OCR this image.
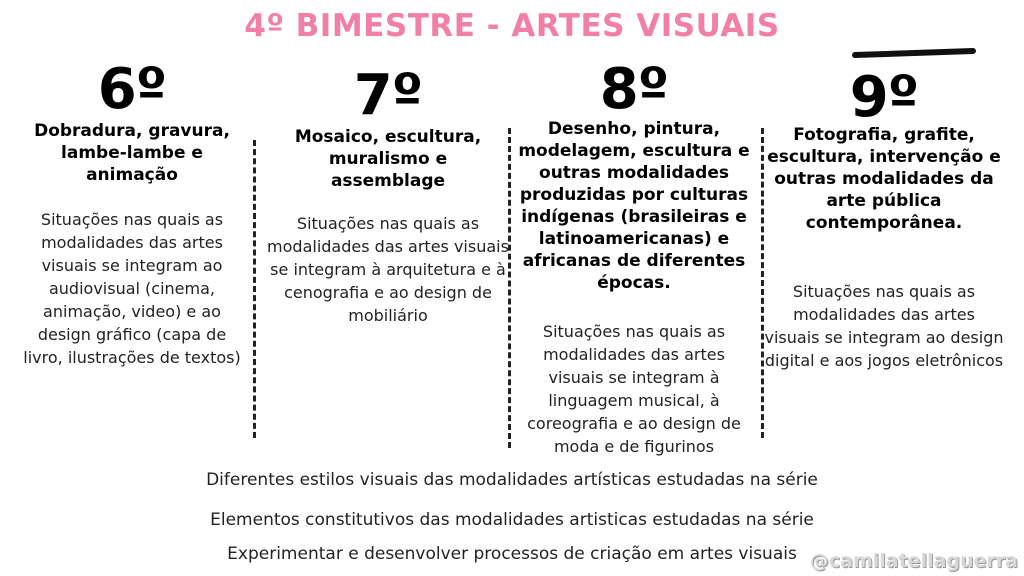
4º BIMESTRE - ARTES VISUAIS
6º
Dobradura, gravura, lambe-lambe e animação
Situações nas quais as modalidades das artes visuais se integram ao audiovisual (cinema, animação, video) e ao design gráfico (capa de livro, ilustrações de textos)
7º
Mosaico, escultura, muralismo e assemblage
Situações nas quais as modalidades das artes visuais se integram à arquitetura e à cenografia e ao design de mobiliário
8º
Desenho, pintura, modelagem, escultura e outras modalidades produzidas por culturas indígenas (brasileiras e latinoamericanas) e africanas de diferentes épocas.
Situações nas quais as modalidades das artes visuais se integram à linguagem musical, à coreografia e ao design de moda e de figurinos
9º
Fotografia, grafite, escultura, intervenção e outras modalidades da arte pública contemporânea.
Situações nas quais as modalidades das artes visuais se integram ao design digital e aos jogos eletrônicos
Diferentes estilos visuais das modalidades artísticas estudadas na série
Elementos constitutivos das modalidades artisticas estudadas na série
Experimentar e desenvolver processos de criação em artes visuais @camilatellaguerra
